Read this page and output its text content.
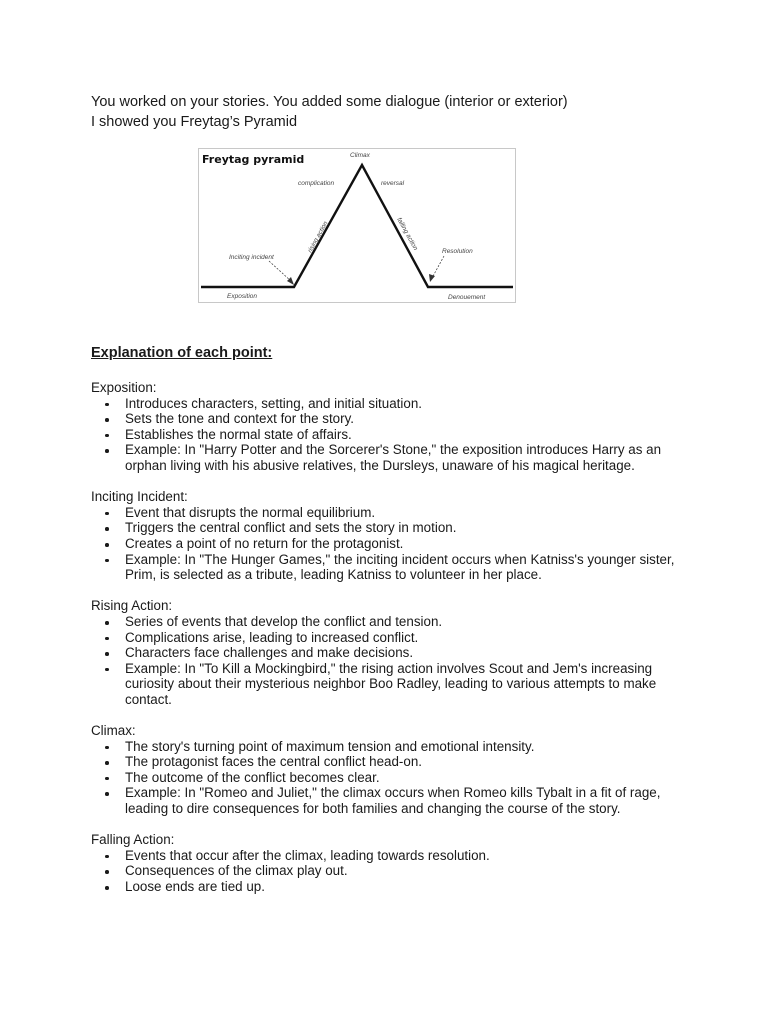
You worked on your stories. You added some dialogue (interior or exterior)
I showed you Freytag’s Pyramid
Freytag pyramid	Climax
complication	reversal
rising action	falling action
Inciting incident
Resolution
Exposition	Denouement
Explanation of each point:
Exposition:
Introduces characters, setting, and initial situation.
Sets the tone and context for the story.
Establishes the normal state of affairs.
Example: In "Harry Potter and the Sorcerer's Stone," the exposition introduces Harry as an orphan living with his abusive relatives, the Dursleys, unaware of his magical heritage.
Inciting Incident:
Event that disrupts the normal equilibrium.
Triggers the central conflict and sets the story in motion.
Creates a point of no return for the protagonist.
Example: In "The Hunger Games," the inciting incident occurs when Katniss's younger sister, Prim, is selected as a tribute, leading Katniss to volunteer in her place.
Rising Action:
Series of events that develop the conflict and tension.
Complications arise, leading to increased conflict.
Characters face challenges and make decisions.
Example: In "To Kill a Mockingbird," the rising action involves Scout and Jem's increasing curiosity about their mysterious neighbor Boo Radley, leading to various attempts to make contact.
Climax:
The story's turning point of maximum tension and emotional intensity.
The protagonist faces the central conflict head-on.
The outcome of the conflict becomes clear.
Example: In "Romeo and Juliet," the climax occurs when Romeo kills Tybalt in a fit of rage, leading to dire consequences for both families and changing the course of the story.
Falling Action:
Events that occur after the climax, leading towards resolution.
Consequences of the climax play out.
Loose ends are tied up.
